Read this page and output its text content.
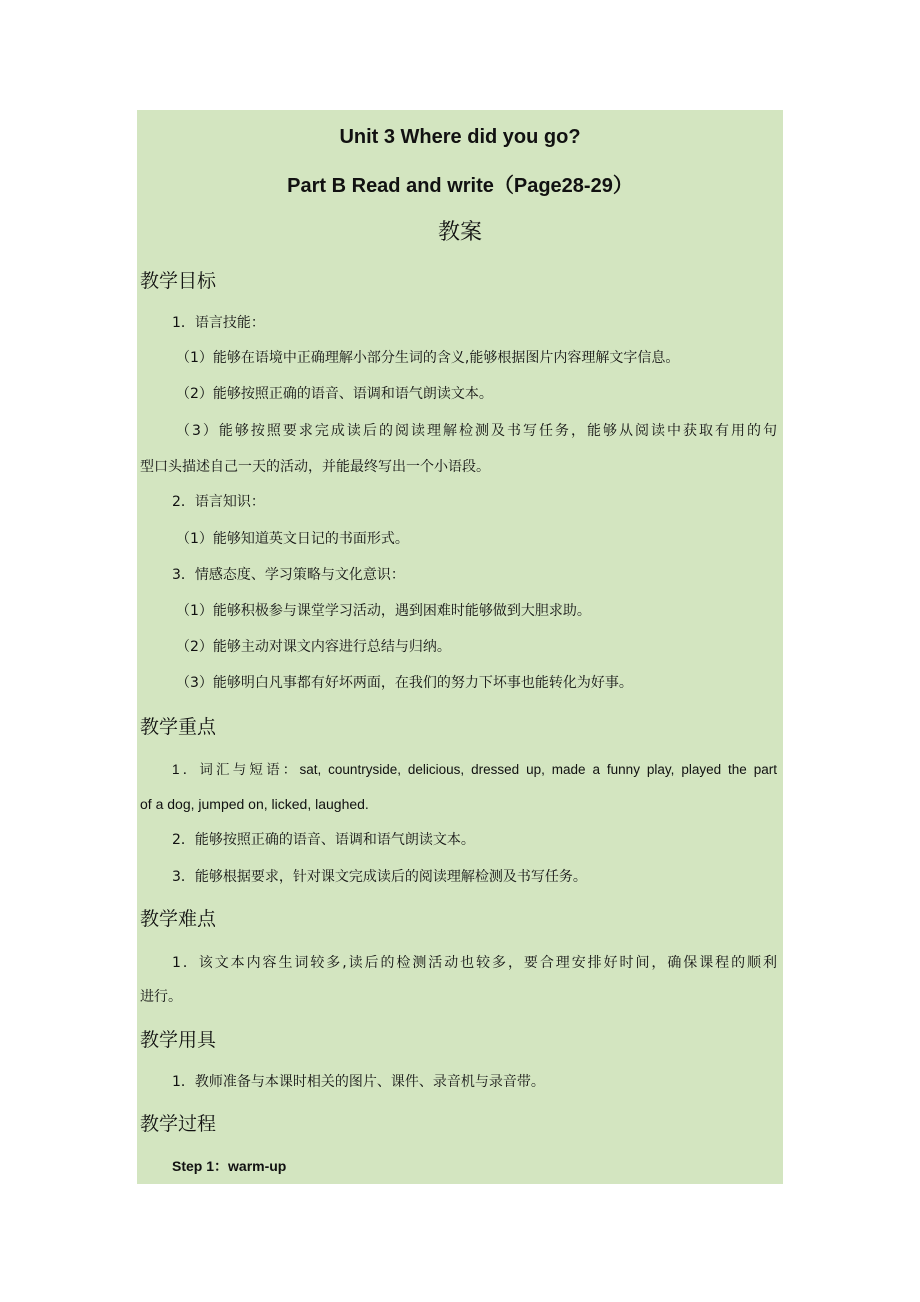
Unit 3 Where did you go?
Part B Read and write（Page28-29）
教案
教学目标
1．语言技能：
（1）能够在语境中正确理解小部分生词的含义,能够根据图片内容理解文字信息。
（2）能够按照正确的语音、语调和语气朗读文本。
（3）能够按照要求完成读后的阅读理解检测及书写任务，能够从阅读中获取有用的句
型口头描述自己一天的活动，并能最终写出一个小语段。
2．语言知识：
（1）能够知道英文日记的书面形式。
3．情感态度、学习策略与文化意识：
（1）能够积极参与课堂学习活动，遇到困难时能够做到大胆求助。
（2）能够主动对课文内容进行总结与归纳。
（3）能够明白凡事都有好坏两面，在我们的努力下坏事也能转化为好事。
教学重点
1．词汇与短语：sat, countryside, delicious, dressed up, made a funny play, played the part
of a dog, jumped on, licked, laughed.
2．能够按照正确的语音、语调和语气朗读文本。
3．能够根据要求，针对课文完成读后的阅读理解检测及书写任务。
教学难点
1．该文本内容生词较多,读后的检测活动也较多，要合理安排好时间，确保课程的顺利
进行。
教学用具
1．教师准备与本课时相关的图片、课件、录音机与录音带。
教学过程
Step 1：warm-up
